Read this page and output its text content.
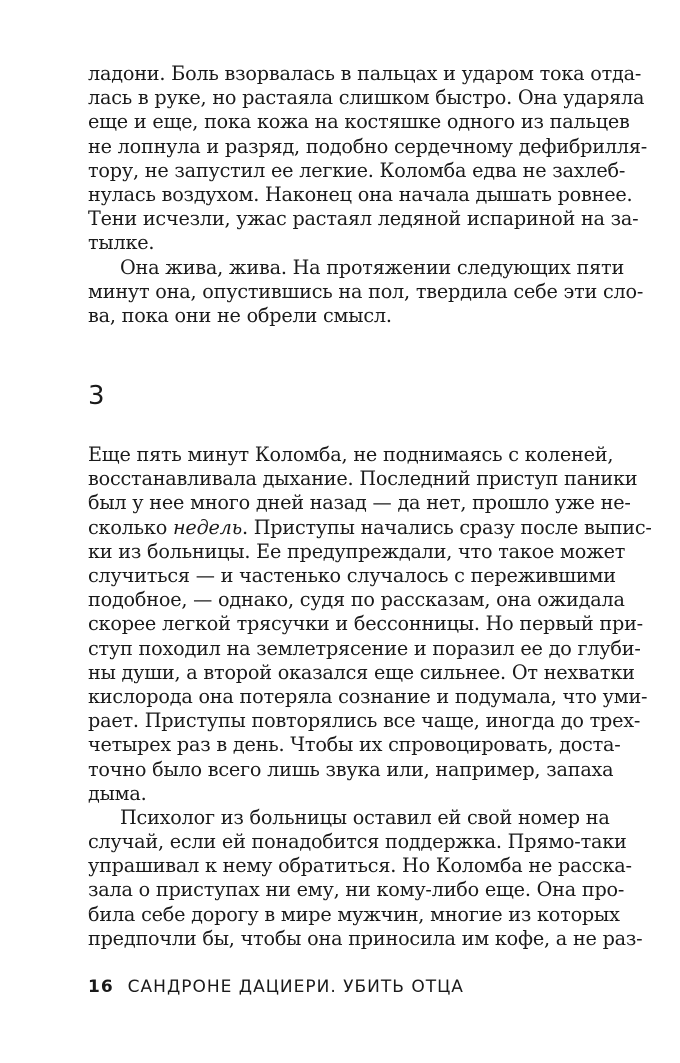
ладони. Боль взорвалась в пальцах и ударом тока отда-
лась в руке, но растаяла слишком быстро. Она ударяла
еще и еще, пока кожа на костяшке одного из пальцев
не лопнула и разряд, подобно сердечному дефибрилля-
тору, не запустил ее легкие. Коломба едва не захлеб-
нулась воздухом. Наконец она начала дышать ровнее.
Тени исчезли, ужас растаял ледяной испариной на за-
тылке.
Она жива, жива. На протяжении следующих пяти
минут она, опустившись на пол, твердила себе эти сло-
ва, пока они не обрели смысл.
3
Еще пять минут Коломба, не поднимаясь с коленей,
восстанавливала дыхание. Последний приступ паники
был у нее много дней назад — да нет, прошло уже не-
сколько недель. Приступы начались сразу после выпис-
ки из больницы. Ее предупреждали, что такое может
случиться — и частенько случалось с пережившими
подобное, — однако, судя по рассказам, она ожидала
скорее легкой трясучки и бессонницы. Но первый при-
ступ походил на землетрясение и поразил ее до глуби-
ны души, а второй оказался еще сильнее. От нехватки
кислорода она потеряла сознание и подумала, что уми-
рает. Приступы повторялись все чаще, иногда до трех-
четырех раз в день. Чтобы их спровоцировать, доста-
точно было всего лишь звука или, например, запаха
дыма.
Психолог из больницы оставил ей свой номер на
случай, если ей понадобится поддержка. Прямо-таки
упрашивал к нему обратиться. Но Коломба не расска-
зала о приступах ни ему, ни кому-либо еще. Она про-
била себе дорогу в мире мужчин, многие из которых
предпочли бы, чтобы она приносила им кофе, а не раз-
16 САНДРОНЕ ДАЦИЕРИ. УБИТЬ ОТЦА
